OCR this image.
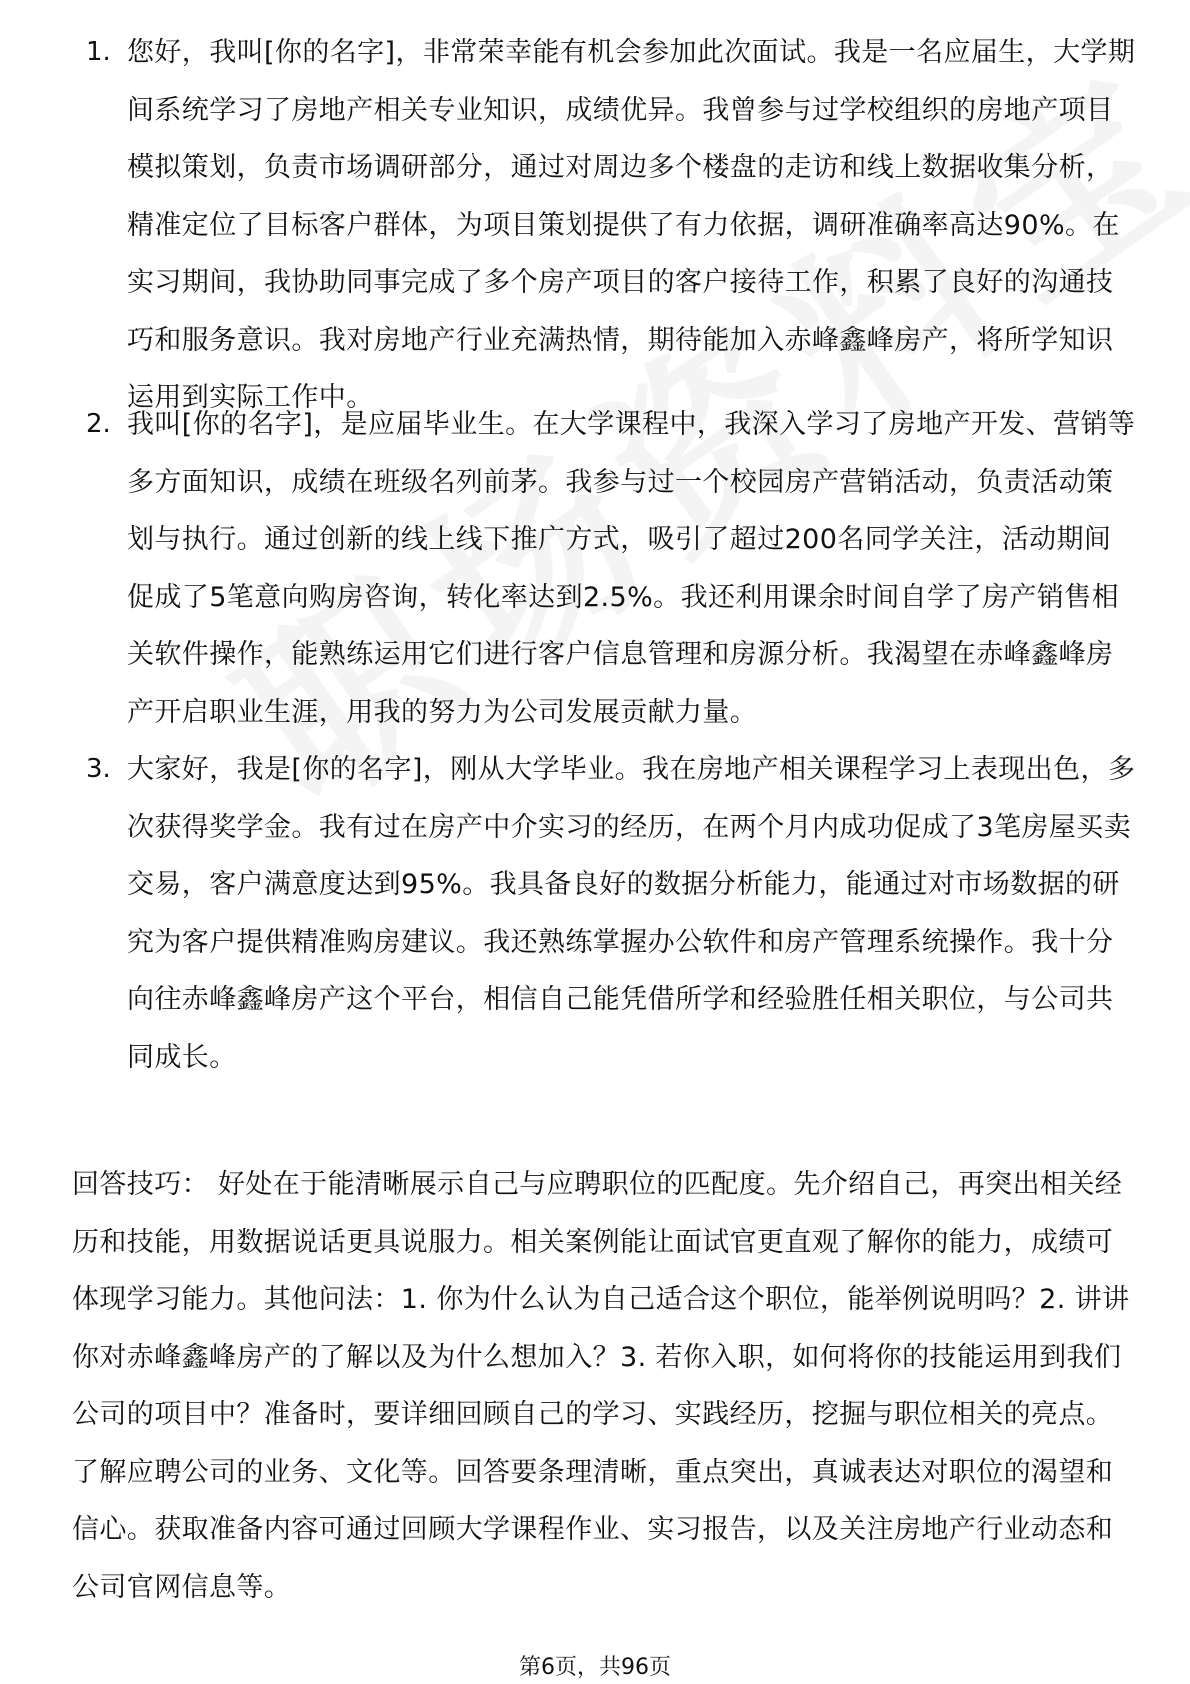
1. 您好，我叫[你的名字]，非常荣幸能有机会参加此次面试。我是一名应届生，大学期间系统学习了房地产相关专业知识，成绩优异。我曾参与过学校组织的房地产项目模拟策划，负责市场调研部分，通过对周边多个楼盘的走访和线上数据收集分析，精准定位了目标客户群体，为项目策划提供了有力依据，调研准确率高达90%。在实习期间，我协助同事完成了多个房产项目的客户接待工作，积累了良好的沟通技巧和服务意识。我对房地产行业充满热情，期待能加入赤峰鑫峰房产，将所学知识运用到实际工作中。

2. 我叫[你的名字]，是应届毕业生。在大学课程中，我深入学习了房地产开发、营销等多方面知识，成绩在班级名列前茅。我参与过一个校园房产营销活动，负责活动策划与执行。通过创新的线上线下推广方式，吸引了超过200名同学关注，活动期间促成了5笔意向购房咨询，转化率达到2.5%。我还利用课余时间自学了房产销售相关软件操作，能熟练运用它们进行客户信息管理和房源分析。我渴望在赤峰鑫峰房产开启职业生涯，用我的努力为公司发展贡献力量。

3. 大家好，我是[你的名字]，刚从大学毕业。我在房地产相关课程学习上表现出色，多次获得奖学金。我有过在房产中介实习的经历，在两个月内成功促成了3笔房屋买卖交易，客户满意度达到95%。我具备良好的数据分析能力，能通过对市场数据的研究为客户提供精准购房建议。我还熟练掌握办公软件和房产管理系统操作。我十分向往赤峰鑫峰房产这个平台，相信自己能凭借所学和经验胜任相关职位，与公司共同成长。

回答技巧： 好处在于能清晰展示自己与应聘职位的匹配度。先介绍自己，再突出相关经历和技能，用数据说话更具说服力。相关案例能让面试官更直观了解你的能力，成绩可体现学习能力。其他问法：1. 你为什么认为自己适合这个职位，能举例说明吗？2. 讲讲你对赤峰鑫峰房产的了解以及为什么想加入？3. 若你入职，如何将你的技能运用到我们公司的项目中？准备时，要详细回顾自己的学习、实践经历，挖掘与职位相关的亮点。了解应聘公司的业务、文化等。回答要条理清晰，重点突出，真诚表达对职位的渴望和信心。获取准备内容可通过回顾大学课程作业、实习报告，以及关注房地产行业动态和公司官网信息等。

第6页，共96页
